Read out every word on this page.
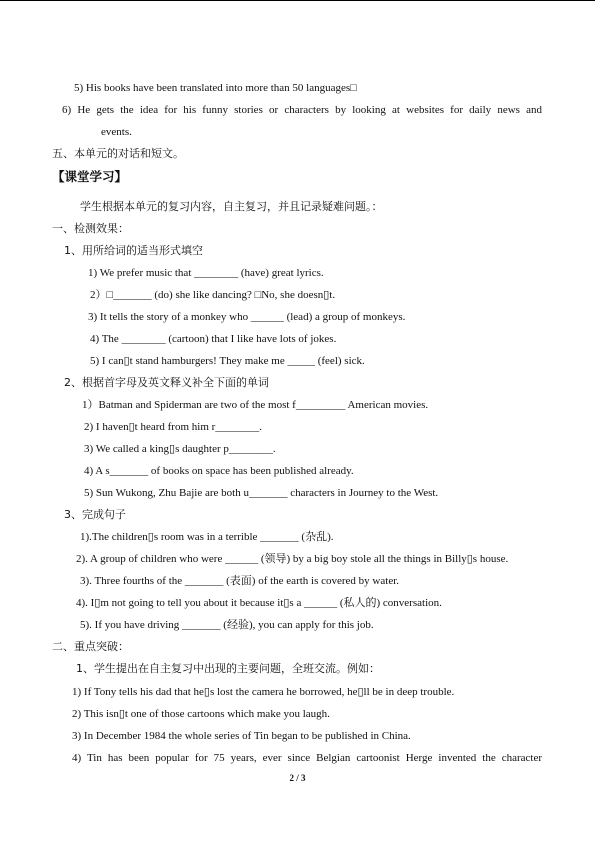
5) His books have been translated into more than 50 languages□
6) He gets the idea for his funny stories or characters by looking at websites for daily news and
events.
五、本单元的对话和短文。
【课堂学习】
学生根据本单元的复习内容，自主复习，并且记录疑难问题。：
一、检测效果：
1、用所给词的适当形式填空
1) We prefer music that ________ (have) great lyrics.
2）□_______ (do) she like dancing? □No, she doesn▯t.
3) It tells the story of a monkey who ______ (lead) a group of monkeys.
4) The ________ (cartoon) that I like have lots of jokes.
5) I can▯t stand hamburgers! They make me _____ (feel) sick.
2、根据首字母及英文释义补全下面的单词
1）Batman and Spiderman are two of the most f_________ American movies.
2) I haven▯t heard from him r________.
3) We called a king▯s daughter p________.
4) A s_______ of books on space has been published already.
5) Sun Wukong, Zhu Bajie are both u_______ characters in Journey to the West.
3、完成句子
1).The children▯s room was in a terrible _______ (杂乱).
2). A group of children who were ______ (领导) by a big boy stole all the things in Billy▯s house.
3). Three fourths of the _______ (表面) of the earth is covered by water.
4). I▯m not going to tell you about it because it▯s a ______ (私人的) conversation.
5). If you have driving _______ (经验), you can apply for this job.
二、重点突破：
1、学生提出在自主复习中出现的主要问题，全班交流。例如：
1) If Tony tells his dad that he▯s lost the camera he borrowed, he▯ll be in deep trouble.
2) This isn▯t one of those cartoons which make you laugh.
3) In December 1984 the whole series of Tin began to be published in China.
4) Tin has been popular for 75 years, ever since Belgian cartoonist Herge invented the character
2 / 3
